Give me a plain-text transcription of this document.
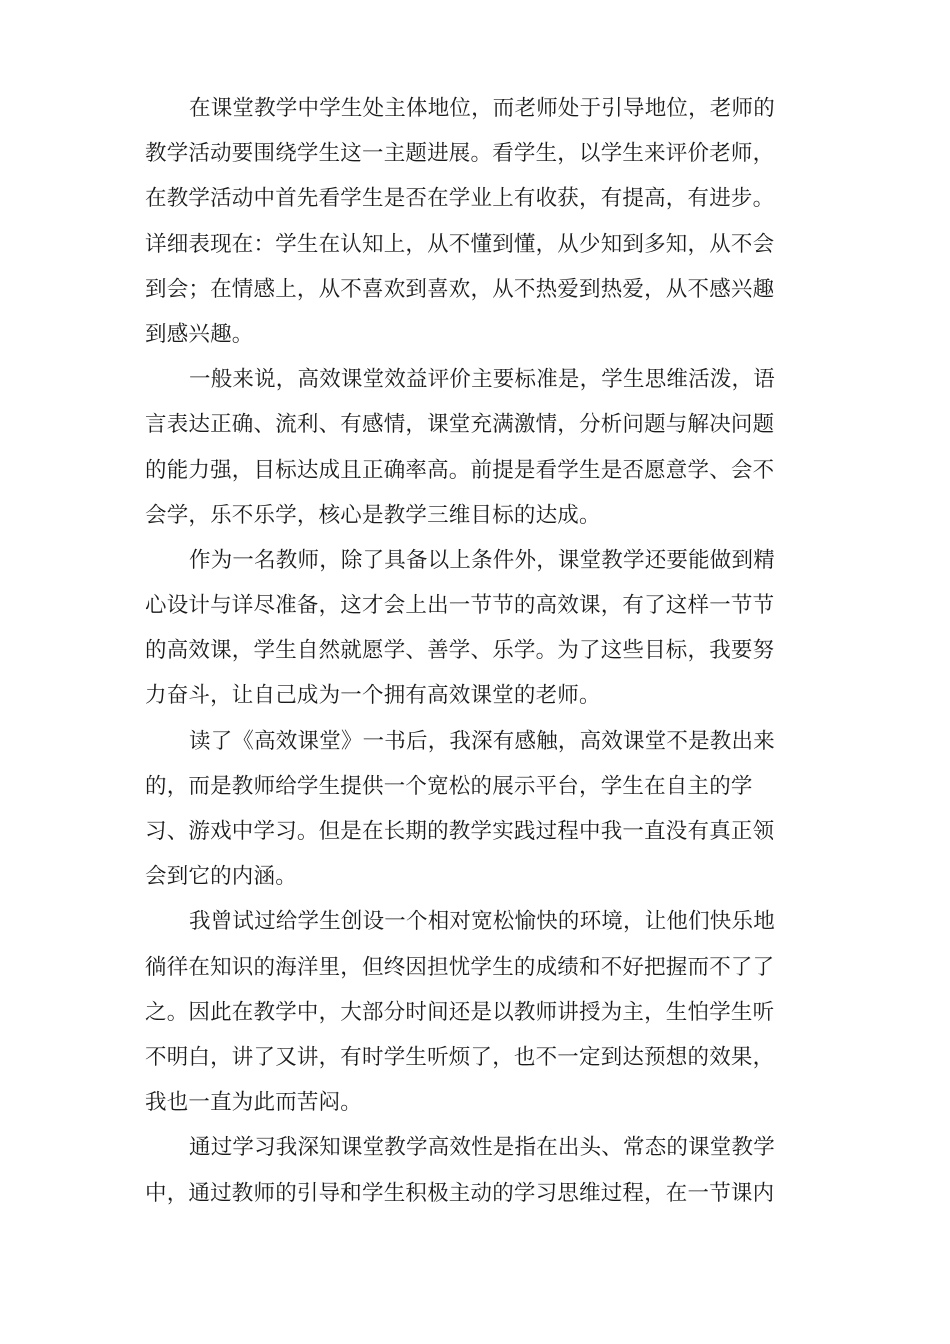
在课堂教学中学生处主体地位，而老师处于引导地位，老师的
教学活动要围绕学生这一主题进展。看学生，以学生来评价老师，
在教学活动中首先看学生是否在学业上有收获，有提高，有进步。
详细表现在：学生在认知上，从不懂到懂，从少知到多知，从不会
到会；在情感上，从不喜欢到喜欢，从不热爱到热爱，从不感兴趣
到感兴趣。

一般来说，高效课堂效益评价主要标准是，学生思维活泼，语
言表达正确、流利、有感情，课堂充满激情，分析问题与解决问题
的能力强，目标达成且正确率高。前提是看学生是否愿意学、会不
会学，乐不乐学，核心是教学三维目标的达成。

作为一名教师，除了具备以上条件外，课堂教学还要能做到精
心设计与详尽准备，这才会上出一节节的高效课，有了这样一节节
的高效课，学生自然就愿学、善学、乐学。为了这些目标，我要努
力奋斗，让自己成为一个拥有高效课堂的老师。

读了《高效课堂》一书后，我深有感触，高效课堂不是教出来
的，而是教师给学生提供一个宽松的展示平台，学生在自主的学
习、游戏中学习。但是在长期的教学实践过程中我一直没有真正领
会到它的内涵。

我曾试过给学生创设一个相对宽松愉快的环境，让他们快乐地
徜徉在知识的海洋里，但终因担忧学生的成绩和不好把握而不了了
之。因此在教学中，大部分时间还是以教师讲授为主，生怕学生听
不明白，讲了又讲，有时学生听烦了，也不一定到达预想的效果，
我也一直为此而苦闷。

通过学习我深知课堂教学高效性是指在出头、常态的课堂教学
中，通过教师的引导和学生积极主动的学习思维过程，在一节课内
